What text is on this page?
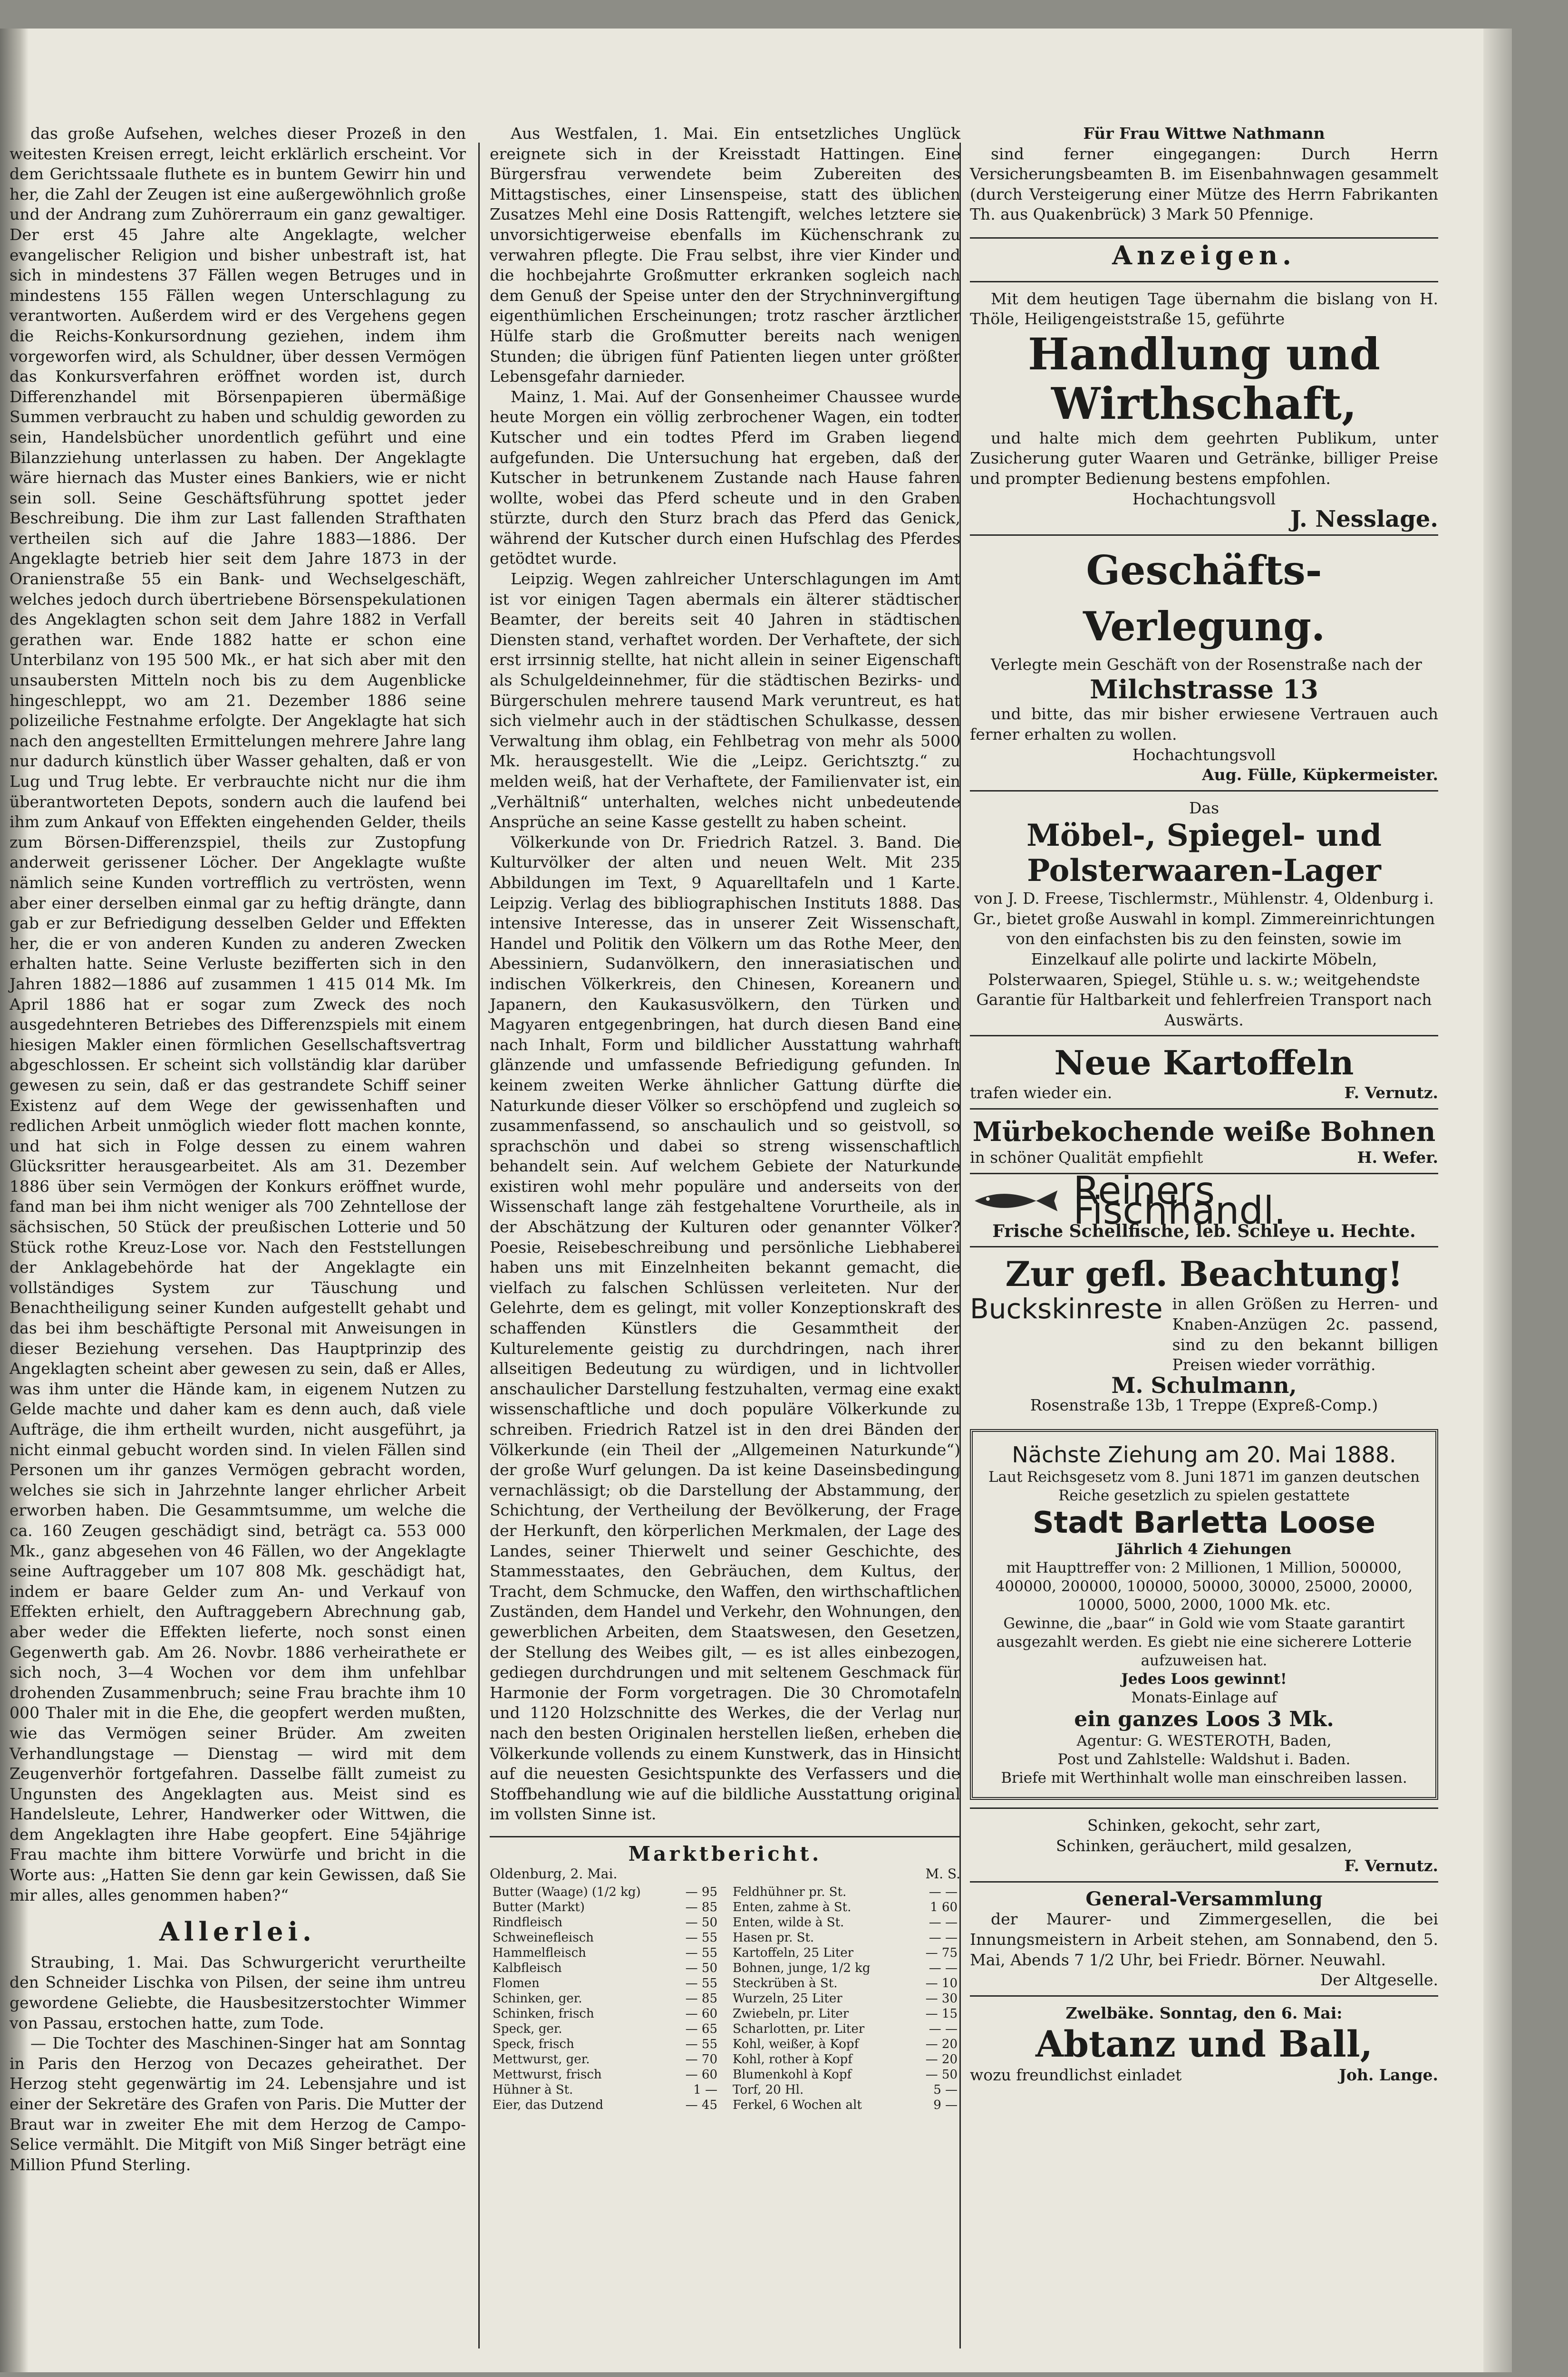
das große Aufsehen, welches dieser Prozeß in den weitesten Kreisen erregt, leicht erklärlich erscheint. Vor dem Gerichtssaale fluthete es in buntem Gewirr hin und her, die Zahl der Zeugen ist eine außergewöhnlich große und der Andrang zum Zuhörerraum ein ganz gewaltiger. Der erst 45 Jahre alte Angeklagte, welcher evangelischer Religion und bisher unbestraft ist, hat sich in mindestens 37 Fällen wegen Betruges und in mindestens 155 Fällen wegen Unterschlagung zu verantworten. Außerdem wird er des Vergehens gegen die Reichs-Konkursordnung geziehen, indem ihm vorgeworfen wird, als Schuldner, über dessen Vermögen das Konkursverfahren eröffnet worden ist, durch Differenzhandel mit Börsenpapieren übermäßige Summen verbraucht zu haben und schuldig geworden zu sein, Handelsbücher unordentlich geführt und eine Bilanzziehung unterlassen zu haben. Der Angeklagte wäre hiernach das Muster eines Bankiers, wie er nicht sein soll. Seine Geschäftsführung spottet jeder Beschreibung. Die ihm zur Last fallenden Strafthaten vertheilen sich auf die Jahre 1883—1886. Der Angeklagte betrieb hier seit dem Jahre 1873 in der Oranienstraße 55 ein Bank- und Wechselgeschäft, welches jedoch durch übertriebene Börsenspekulationen des Angeklagten schon seit dem Jahre 1882 in Verfall gerathen war. Ende 1882 hatte er schon eine Unterbilanz von 195 500 Mk., er hat sich aber mit den unsaubersten Mitteln noch bis zu dem Augenblicke hingeschleppt, wo am 21. Dezember 1886 seine polizeiliche Festnahme erfolgte. Der Angeklagte hat sich nach den angestellten Ermittelungen mehrere Jahre lang nur dadurch künstlich über Wasser gehalten, daß er von Lug und Trug lebte. Er verbrauchte nicht nur die ihm überantworteten Depots, sondern auch die laufend bei ihm zum Ankauf von Effekten eingehenden Gelder, theils zum Börsen-Differenzspiel, theils zur Zustopfung anderweit gerissener Löcher. Der Angeklagte wußte nämlich seine Kunden vortrefflich zu vertrösten, wenn aber einer derselben einmal gar zu heftig drängte, dann gab er zur Befriedigung desselben Gelder und Effekten her, die er von anderen Kunden zu anderen Zwecken erhalten hatte. Seine Verluste bezifferten sich in den Jahren 1882—1886 auf zusammen 1 415 014 Mk. Im April 1886 hat er sogar zum Zweck des noch ausgedehnteren Betriebes des Differenzspiels mit einem hiesigen Makler einen förmlichen Gesellschaftsvertrag abgeschlossen. Er scheint sich vollständig klar darüber gewesen zu sein, daß er das gestrandete Schiff seiner Existenz auf dem Wege der gewissenhaften und redlichen Arbeit unmöglich wieder flott machen konnte, und hat sich in Folge dessen zu einem wahren Glücksritter herausgearbeitet. Als am 31. Dezember 1886 über sein Vermögen der Konkurs eröffnet wurde, fand man bei ihm nicht weniger als 700 Zehntellose der sächsischen, 50 Stück der preußischen Lotterie und 50 Stück rothe Kreuz-Lose vor. Nach den Feststellungen der Anklagebehörde hat der Angeklagte ein vollständiges System zur Täuschung und Benachtheiligung seiner Kunden aufgestellt gehabt und das bei ihm beschäftigte Personal mit Anweisungen in dieser Beziehung versehen. Das Hauptprinzip des Angeklagten scheint aber gewesen zu sein, daß er Alles, was ihm unter die Hände kam, in eigenem Nutzen zu Gelde machte und daher kam es denn auch, daß viele Aufträge, die ihm ertheilt wurden, nicht ausgeführt, ja nicht einmal gebucht worden sind. In vielen Fällen sind Personen um ihr ganzes Vermögen gebracht worden, welches sie sich in Jahrzehnte langer ehrlicher Arbeit erworben haben. Die Gesammtsumme, um welche die ca. 160 Zeugen geschädigt sind, beträgt ca. 553 000 Mk., ganz abgesehen von 46 Fällen, wo der Angeklagte seine Auftraggeber um 107 808 Mk. geschädigt hat, indem er baare Gelder zum An- und Verkauf von Effekten erhielt, den Auftraggebern Abrechnung gab, aber weder die Effekten lieferte, noch sonst einen Gegenwerth gab. Am 26. Novbr. 1886 verheirathete er sich noch, 3—4 Wochen vor dem ihm unfehlbar drohenden Zusammenbruch; seine Frau brachte ihm 10 000 Thaler mit in die Ehe, die geopfert werden mußten, wie das Vermögen seiner Brüder. Am zweiten Verhandlungstage — Dienstag — wird mit dem Zeugenverhör fortgefahren. Dasselbe fällt zumeist zu Ungunsten des Angeklagten aus. Meist sind es Handelsleute, Lehrer, Handwerker oder Wittwen, die dem Angeklagten ihre Habe geopfert. Eine 54jährige Frau machte ihm bittere Vorwürfe und bricht in die Worte aus: „Hatten Sie denn gar kein Gewissen, daß Sie mir alles, alles genommen haben?“

Allerlei.

Straubing, 1. Mai. Das Schwurgericht verurtheilte den Schneider Lischka von Pilsen, der seine ihm untreu gewordene Geliebte, die Hausbesitzerstochter Wimmer von Passau, erstochen hatte, zum Tode.

— Die Tochter des Maschinen-Singer hat am Sonntag in Paris den Herzog von Decazes geheirathet. Der Herzog steht gegenwärtig im 24. Lebensjahre und ist einer der Sekretäre des Grafen von Paris. Die Mutter der Braut war in zweiter Ehe mit dem Herzog de Campo-Selice vermählt. Die Mitgift von Miß Singer beträgt eine Million Pfund Sterling.

Aus Westfalen, 1. Mai. Ein entsetzliches Unglück ereignete sich in der Kreisstadt Hattingen. Eine Bürgersfrau verwendete beim Zubereiten des Mittagstisches, einer Linsenspeise, statt des üblichen Zusatzes Mehl eine Dosis Rattengift, welches letztere sie unvorsichtigerweise ebenfalls im Küchenschrank zu verwahren pflegte. Die Frau selbst, ihre vier Kinder und die hochbejahrte Großmutter erkranken sogleich nach dem Genuß der Speise unter den der Strychninvergiftung eigenthümlichen Erscheinungen; trotz rascher ärztlicher Hülfe starb die Großmutter bereits nach wenigen Stunden; die übrigen fünf Patienten liegen unter größter Lebensgefahr darnieder.

Mainz, 1. Mai. Auf der Gonsenheimer Chaussee wurde heute Morgen ein völlig zerbrochener Wagen, ein todter Kutscher und ein todtes Pferd im Graben liegend aufgefunden. Die Untersuchung hat ergeben, daß der Kutscher in betrunkenem Zustande nach Hause fahren wollte, wobei das Pferd scheute und in den Graben stürzte, durch den Sturz brach das Pferd das Genick, während der Kutscher durch einen Hufschlag des Pferdes getödtet wurde.

Leipzig. Wegen zahlreicher Unterschlagungen im Amt ist vor einigen Tagen abermals ein älterer städtischer Beamter, der bereits seit 40 Jahren in städtischen Diensten stand, verhaftet worden. Der Verhaftete, der sich erst irrsinnig stellte, hat nicht allein in seiner Eigenschaft als Schulgeldeinnehmer, für die städtischen Bezirks- und Bürgerschulen mehrere tausend Mark veruntreut, es hat sich vielmehr auch in der städtischen Schulkasse, dessen Verwaltung ihm oblag, ein Fehlbetrag von mehr als 5000 Mk. herausgestellt. Wie die „Leipz. Gerichtsztg.“ zu melden weiß, hat der Verhaftete, der Familienvater ist, ein „Verhältniß“ unterhalten, welches nicht unbedeutende Ansprüche an seine Kasse gestellt zu haben scheint.

Völkerkunde von Dr. Friedrich Ratzel. 3. Band. Die Kulturvölker der alten und neuen Welt. Mit 235 Abbildungen im Text, 9 Aquarelltafeln und 1 Karte. Leipzig. Verlag des bibliographischen Instituts 1888. Das intensive Interesse, das in unserer Zeit Wissenschaft, Handel und Politik den Völkern um das Rothe Meer, den Abessiniern, Sudanvölkern, den innerasiatischen und indischen Völkerkreis, den Chinesen, Koreanern und Japanern, den Kaukasusvölkern, den Türken und Magyaren entgegenbringen, hat durch diesen Band eine nach Inhalt, Form und bildlicher Ausstattung wahrhaft glänzende und umfassende Befriedigung gefunden. In keinem zweiten Werke ähnlicher Gattung dürfte die Naturkunde dieser Völker so erschöpfend und zugleich so zusammenfassend, so anschaulich und so geistvoll, so sprachschön und dabei so streng wissenschaftlich behandelt sein. Auf welchem Gebiete der Naturkunde existiren wohl mehr populäre und anderseits von der Wissenschaft lange zäh festgehaltene Vorurtheile, als in der Abschätzung der Kulturen oder genannter Völker? Poesie, Reisebeschreibung und persönliche Liebhaberei haben uns mit Einzelnheiten bekannt gemacht, die vielfach zu falschen Schlüssen verleiteten. Nur der Gelehrte, dem es gelingt, mit voller Konzeptionskraft des schaffenden Künstlers die Gesammtheit der Kulturelemente geistig zu durchdringen, nach ihrer allseitigen Bedeutung zu würdigen, und in lichtvoller anschaulicher Darstellung festzuhalten, vermag eine exakt wissenschaftliche und doch populäre Völkerkunde zu schreiben. Friedrich Ratzel ist in den drei Bänden der Völkerkunde (ein Theil der „Allgemeinen Naturkunde“) der große Wurf gelungen. Da ist keine Daseinsbedingung vernachlässigt; ob die Darstellung der Abstammung, der Schichtung, der Vertheilung der Bevölkerung, der Frage der Herkunft, den körperlichen Merkmalen, der Lage des Landes, seiner Thierwelt und seiner Geschichte, des Stammesstaates, den Gebräuchen, dem Kultus, der Tracht, dem Schmucke, den Waffen, den wirthschaftlichen Zuständen, dem Handel und Verkehr, den Wohnungen, den gewerblichen Arbeiten, dem Staatswesen, den Gesetzen, der Stellung des Weibes gilt, — es ist alles einbezogen, gediegen durchdrungen und mit seltenem Geschmack für Harmonie der Form vorgetragen. Die 30 Chromotafeln und 1120 Holzschnitte des Werkes, die der Verlag nur nach den besten Originalen herstellen ließen, erheben die Völkerkunde vollends zu einem Kunstwerk, das in Hinsicht auf die neuesten Gesichtspunkte des Verfassers und die Stoffbehandlung wie auf die bildliche Ausstattung original im vollsten Sinne ist.

Marktbericht.
Oldenburg, 2. Mai.	M. S.
Butter (Waage) (1/2 kg)	— 95
Butter (Markt)	— 85
Rindfleisch	— 50
Schweinefleisch	— 55
Hammelfleisch	— 55
Kalbfleisch	— 50
Flomen	— 55
Schinken, ger.	— 85
Schinken, frisch	— 60
Speck, ger.	— 65
Speck, frisch	— 55
Mettwurst, ger.	— 70
Mettwurst, frisch	— 60
Hühner à St.	1 —
Eier, das Dutzend	— 45
Feldhühner pr. St.	— —
Enten, zahme à St.	1 60
Enten, wilde à St.	— —
Hasen pr. St.	— —
Kartoffeln, 25 Liter	— 75
Bohnen, junge, 1/2 kg	— —
Steckrüben à St.	— 10
Wurzeln, 25 Liter	— 30
Zwiebeln, pr. Liter	— 15
Scharlotten, pr. Liter	— —
Kohl, weißer, à Kopf	— 20
Kohl, rother à Kopf	— 20
Blumenkohl à Kopf	— 50
Torf, 20 Hl.	5 —
Ferkel, 6 Wochen alt	9 —
Für Frau Wittwe Nathmann

sind ferner eingegangen: Durch Herrn Versicherungsbeamten B. im Eisenbahnwagen gesammelt (durch Versteigerung einer Mütze des Herrn Fabrikanten Th. aus Quakenbrück) 3 Mark 50 Pfennige.

Anzeigen.

Mit dem heutigen Tage übernahm die bislang von H. Thöle, Heiligengeiststraße 15, geführte

Handlung und Wirthschaft,

und halte mich dem geehrten Publikum, unter Zusicherung guter Waaren und Getränke, billiger Preise und prompter Bedienung bestens empfohlen.

Hochachtungsvoll
J. Nesslage.
Geschäfts-Verlegung.

Verlegte mein Geschäft von der Rosenstraße nach der

Milchstrasse 13

und bitte, das mir bisher erwiesene Vertrauen auch ferner erhalten zu wollen.

Hochachtungsvoll
Aug. Fülle, Küpkermeister.
Das
Möbel-, Spiegel- und Polsterwaaren-Lager

von J. D. Freese, Tischlermstr., Mühlenstr. 4, Oldenburg i. Gr., bietet große Auswahl in kompl. Zimmereinrichtungen von den einfachsten bis zu den feinsten, sowie im Einzelkauf alle polirte und lackirte Möbeln, Polsterwaaren, Spiegel, Stühle u. s. w.; weitgehendste Garantie für Haltbarkeit und fehlerfreien Transport nach Auswärts.

Neue Kartoffeln
trafen wieder ein.	F. Vernutz.
Mürbekochende weiße Bohnen
in schöner Qualität empfiehlt	H. Wefer.
Reiners Fischhandl.
Frische Schellfische, leb. Schleye u. Hechte.
Zur gefl. Beachtung!
Buckskinreste in allen Größen zu Herren- und Knaben-Anzügen 2c. passend, sind zu den bekannt billigen Preisen wieder vorräthig.
M. Schulmann,
Rosenstraße 13b, 1 Treppe (Expreß-Comp.)
Nächste Ziehung am 20. Mai 1888.
Laut Reichsgesetz vom 8. Juni 1871 im ganzen deutschen Reiche gesetzlich zu spielen gestattete
Stadt Barletta Loose
Jährlich 4 Ziehungen
mit Haupttreffer von: 2 Millionen, 1 Million, 500000, 400000, 200000, 100000, 50000, 30000, 25000, 20000, 10000, 5000, 2000, 1000 Mk. etc.
Gewinne, die „baar“ in Gold wie vom Staate garantirt ausgezahlt werden. Es giebt nie eine sicherere Lotterie aufzuweisen hat.
Jedes Loos gewinnt!
Monats-Einlage auf
ein ganzes Loos 3 Mk.
Agentur: G. WESTEROTH, Baden,
Post und Zahlstelle: Waldshut i. Baden.
Briefe mit Werthinhalt wolle man einschreiben lassen.
Schinken, gekocht, sehr zart,
Schinken, geräuchert, mild gesalzen,
F. Vernutz.
General-Versammlung

der Maurer- und Zimmergesellen, die bei Innungsmeistern in Arbeit stehen, am Sonnabend, den 5. Mai, Abends 7 1/2 Uhr, bei Friedr. Börner. Neuwahl.

Der Altgeselle.
Zwelbäke. Sonntag, den 6. Mai:
Abtanz und Ball,
wozu freundlichst einladet	Joh. Lange.
